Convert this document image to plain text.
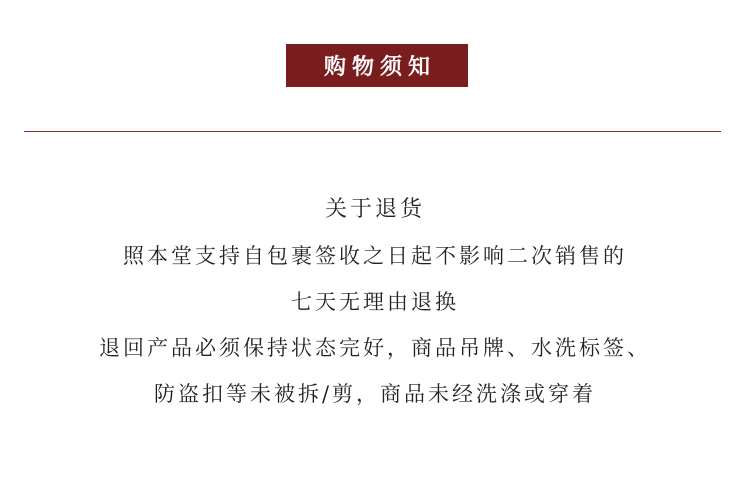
购物须知
关于退货
照本堂支持自包裹签收之日起不影响二次销售的
七天无理由退换
退回产品必须保持状态完好，商品吊牌、水洗标签、
防盗扣等未被拆/剪，商品未经洗涤或穿着
